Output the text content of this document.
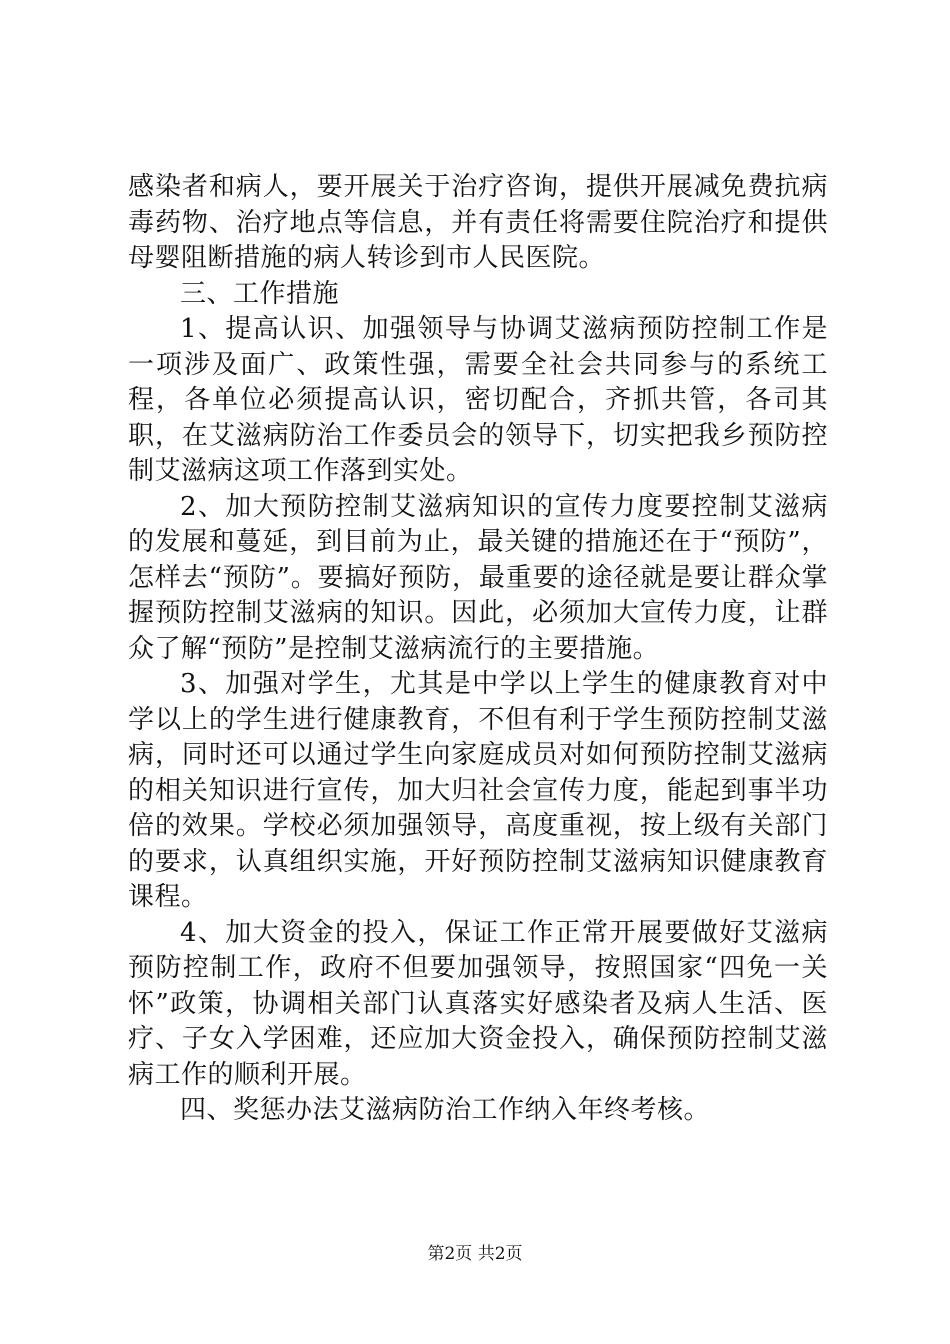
感染者和病人，要开展关于治疗咨询，提供开展减免费抗病毒药物、治疗地点等信息，并有责任将需要住院治疗和提供母婴阻断措施的病人转诊到市人民医院。

三、工作措施

1、提高认识、加强领导与协调艾滋病预防控制工作是一项涉及面广、政策性强，需要全社会共同参与的系统工程，各单位必须提高认识，密切配合，齐抓共管，各司其职，在艾滋病防治工作委员会的领导下，切实把我乡预防控制艾滋病这项工作落到实处。

2、加大预防控制艾滋病知识的宣传力度要控制艾滋病的发展和蔓延，到目前为止，最关键的措施还在于“预防”，怎样去“预防”。要搞好预防，最重要的途径就是要让群众掌握预防控制艾滋病的知识。因此，必须加大宣传力度，让群众了解“预防”是控制艾滋病流行的主要措施。

3、加强对学生，尤其是中学以上学生的健康教育对中学以上的学生进行健康教育，不但有利于学生预防控制艾滋病，同时还可以通过学生向家庭成员对如何预防控制艾滋病的相关知识进行宣传，加大归社会宣传力度，能起到事半功倍的效果。学校必须加强领导，高度重视，按上级有关部门的要求，认真组织实施，开好预防控制艾滋病知识健康教育课程。

4、加大资金的投入，保证工作正常开展要做好艾滋病预防控制工作，政府不但要加强领导，按照国家“四免一关怀”政策，协调相关部门认真落实好感染者及病人生活、医疗、子女入学困难，还应加大资金投入，确保预防控制艾滋病工作的顺利开展。

四、奖惩办法艾滋病防治工作纳入年终考核。

第2页 共2页
